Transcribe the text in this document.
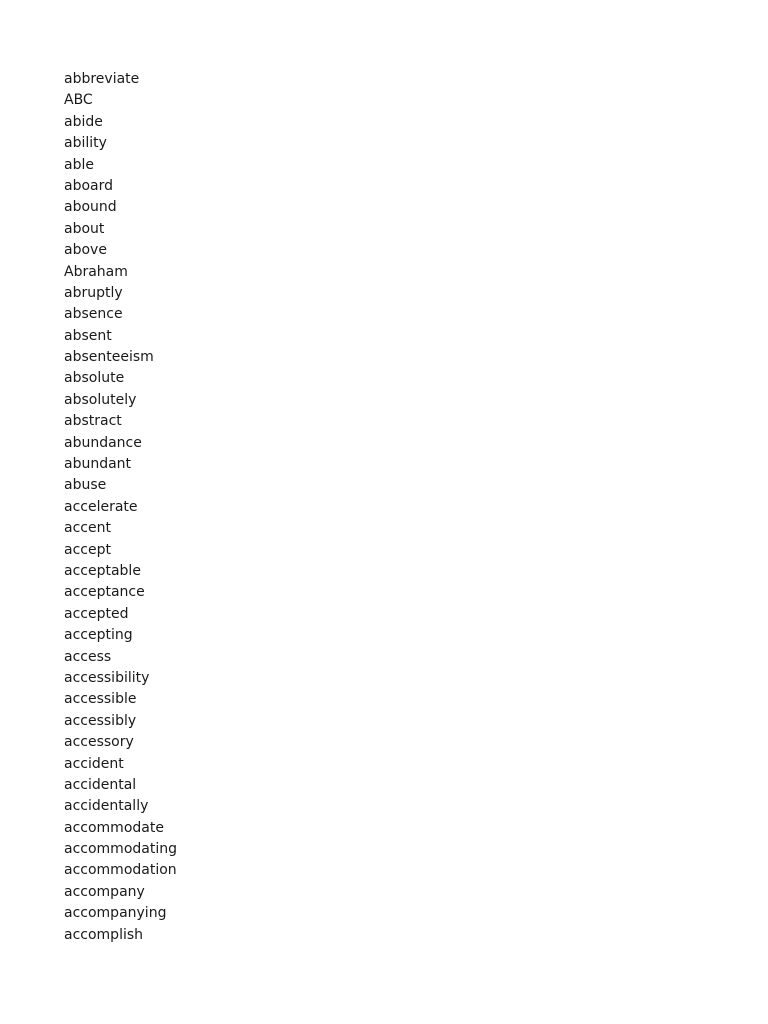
abbreviate
ABC
abide
ability
able
aboard
abound
about
above
Abraham
abruptly
absence
absent
absenteeism
absolute
absolutely
abstract
abundance
abundant
abuse
accelerate
accent
accept
acceptable
acceptance
accepted
accepting
access
accessibility
accessible
accessibly
accessory
accident
accidental
accidentally
accommodate
accommodating
accommodation
accompany
accompanying
accomplish
